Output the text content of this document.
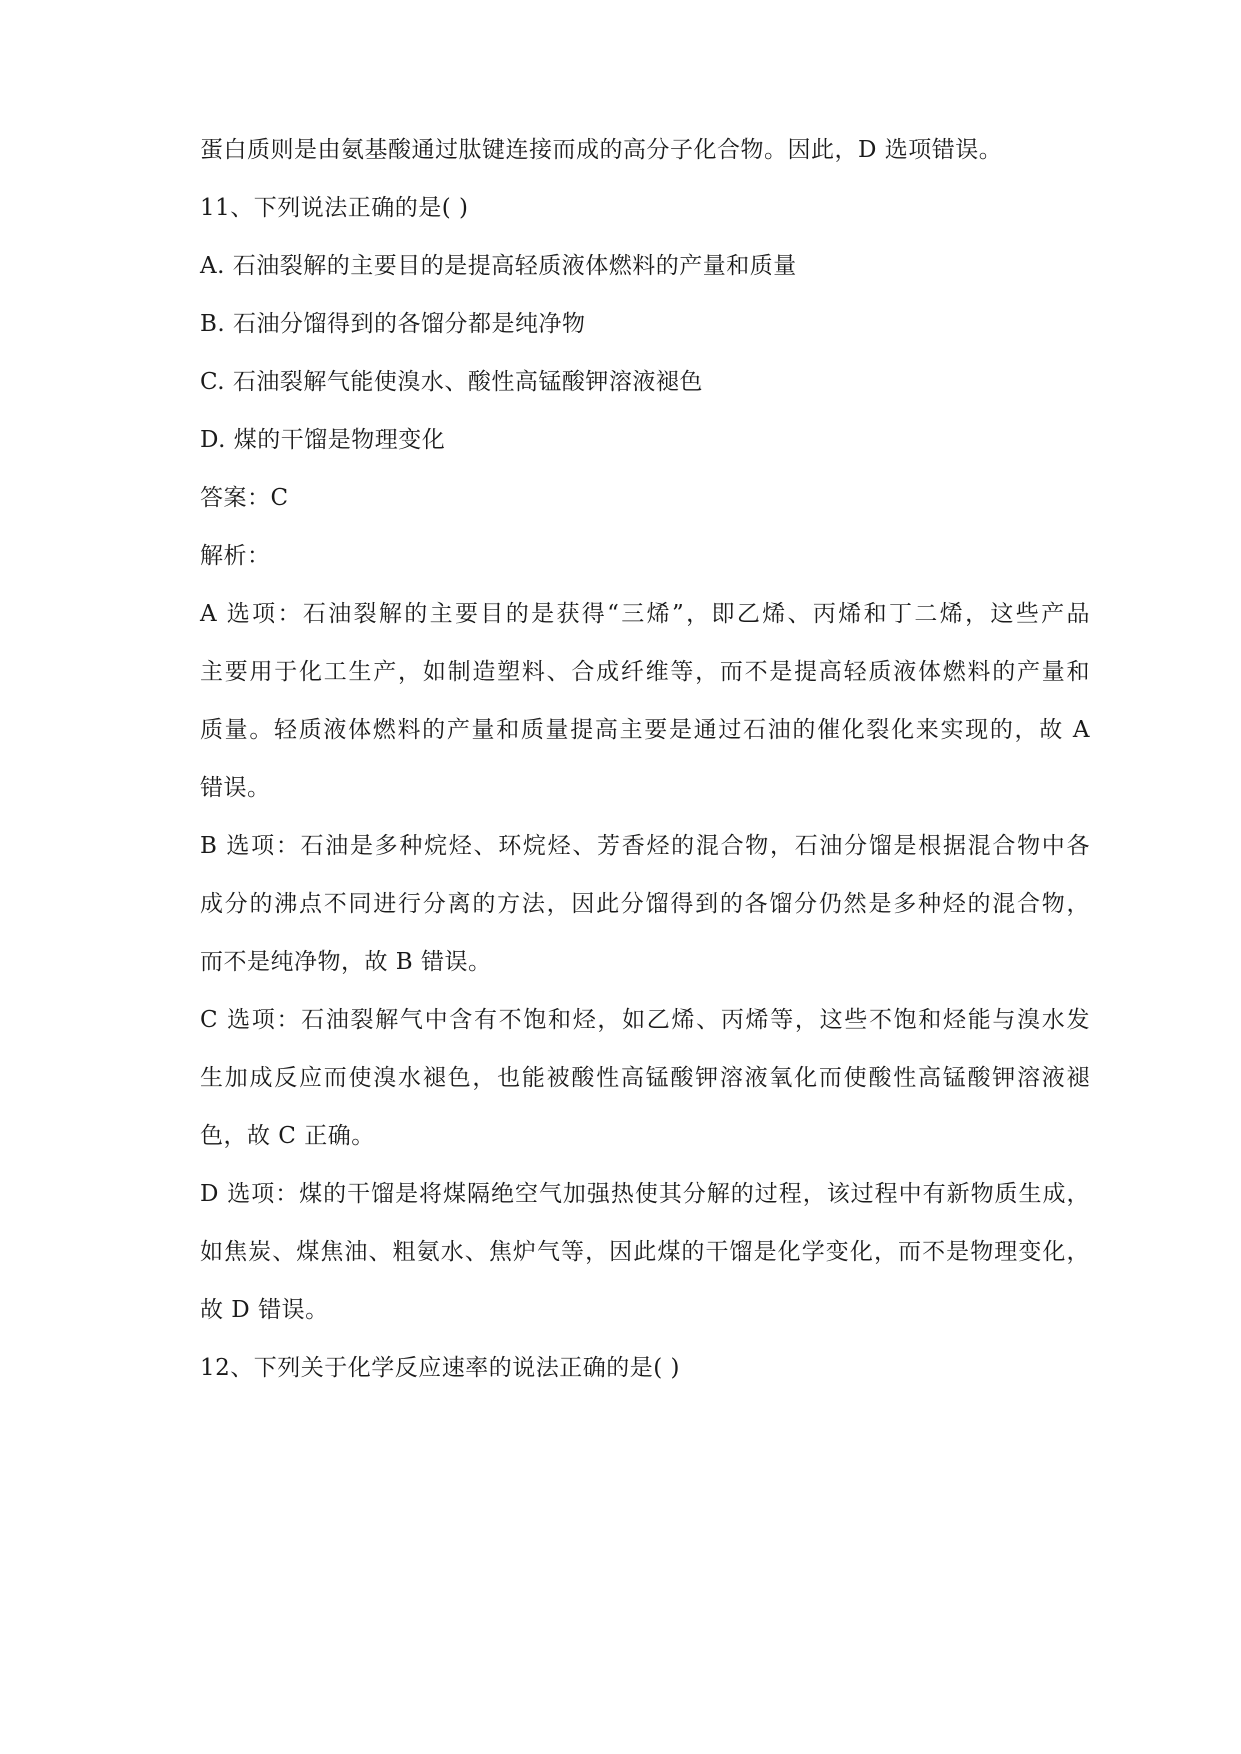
蛋白质则是由氨基酸通过肽键连接而成的高分子化合物。因此，D 选项错误。
11、下列说法正确的是( )
A. 石油裂解的主要目的是提高轻质液体燃料的产量和质量
B. 石油分馏得到的各馏分都是纯净物
C. 石油裂解气能使溴水、酸性高锰酸钾溶液褪色
D. 煤的干馏是物理变化
答案：C
解析：
A 选项：石油裂解的主要目的是获得“三烯”，即乙烯、丙烯和丁二烯，这些产品
主要用于化工生产，如制造塑料、合成纤维等，而不是提高轻质液体燃料的产量和
质量。轻质液体燃料的产量和质量提高主要是通过石油的催化裂化来实现的，故 A
错误。
B 选项：石油是多种烷烃、环烷烃、芳香烃的混合物，石油分馏是根据混合物中各
成分的沸点不同进行分离的方法，因此分馏得到的各馏分仍然是多种烃的混合物，
而不是纯净物，故 B 错误。
C 选项：石油裂解气中含有不饱和烃，如乙烯、丙烯等，这些不饱和烃能与溴水发
生加成反应而使溴水褪色，也能被酸性高锰酸钾溶液氧化而使酸性高锰酸钾溶液褪
色，故 C 正确。
D 选项：煤的干馏是将煤隔绝空气加强热使其分解的过程，该过程中有新物质生成，
如焦炭、煤焦油、粗氨水、焦炉气等，因此煤的干馏是化学变化，而不是物理变化，
故 D 错误。
12、下列关于化学反应速率的说法正确的是( )
